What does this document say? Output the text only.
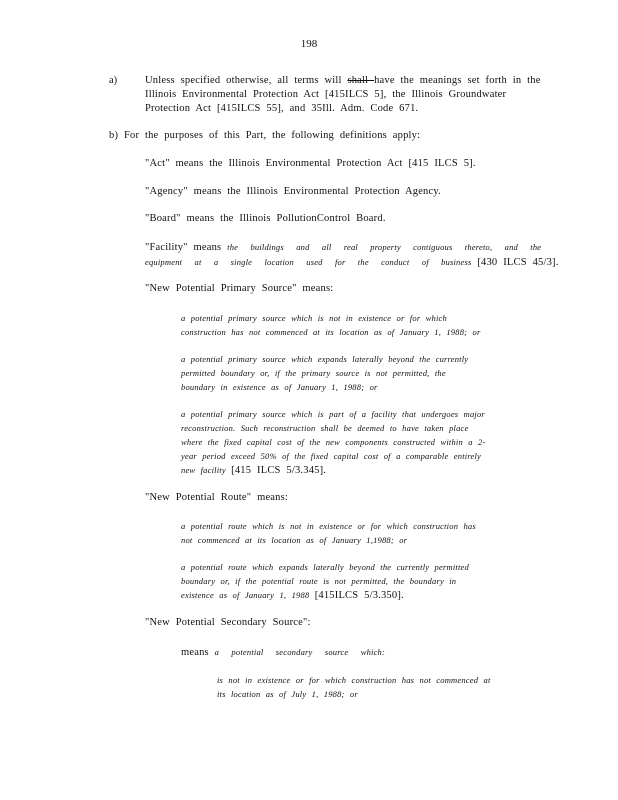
198
a)	Unless specified otherwise, all terms will shall have the meanings set forth in the
Illinois Environmental Protection Act [415ILCS 5], the Illinois Groundwater
Protection Act [415ILCS 55], and 35Ill. Adm. Code 671.
b) For the purposes of this Part, the following definitions apply:
"Act" means the Illinois Environmental Protection Act [415 ILCS 5].
"Agency" means the Illinois Environmental Protection Agency.
"Board" means the Illinois PollutionControl Board.
"Facility" means the buildings and all real property contiguous thereto, and the
equipment at a single location used for the conduct of business [430 ILCS 45/3].
"New Potential Primary Source" means:
a potential primary source which is not in existence or for which
construction has not commenced at its location as of January 1, 1988; or
a potential primary source which expands laterally beyond the currently
permitted boundary or, if the primary source is not permitted, the
boundary in existence as of January 1, 1988; or
a potential primary source which is part of a facility that undergoes major
reconstruction. Such reconstruction shall be deemed to have taken place
where the fixed capital cost of the new components constructed within a 2-
year period exceed 50% of the fixed capital cost of a comparable entirely
new facility [415 ILCS 5/3.345].
"New Potential Route" means:
a potential route which is not in existence or for which construction has
not commenced at its location as of January 1,1988; or
a potential route which expands laterally beyond the currently permitted
boundary or, if the potential route is not permitted, the boundary in
existence as of January 1, 1988 [415ILCS 5/3.350].
"New Potential Secondary Source":
means a potential secondary source which:
is not in existence or for which construction has not commenced at
its location as of July 1, 1988; or
